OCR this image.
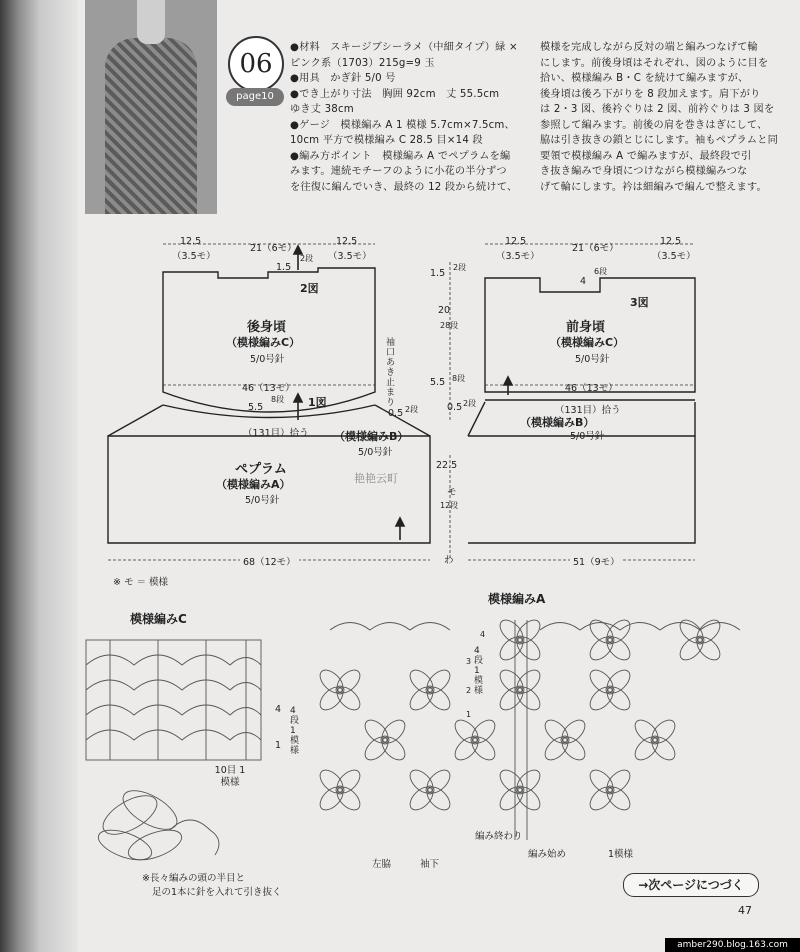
06
page10

●材料　スキージブシーラメ（中細タイプ）緑 ×

ピンク系（1703）215g=9 玉

●用具　かぎ針 5/0 号

●でき上がり寸法　胸囲 92cm　丈 55.5cm

ゆき丈 38cm

●ゲージ　模様編み A 1 模様 5.7cm×7.5cm、

10cm 平方で模様編み C 28.5 目×14 段

●編み方ポイント　模様編み A でペプラムを編

みます。連続モチーフのように小花の半分ずつ

を往復に編んでいき、最終の 12 段から続けて、

模様を完成しながら反対の端と編みつなげて輪

にします。前後身頃はそれぞれ、図のように目を

拾い、模様編み B・C を続けて編みますが、

後身頃は後ろ下がりを 8 段加えます。肩下がり

は 2・3 図、後衿ぐりは 2 図、前衿ぐりは 3 図を

参照して編みます。前後の肩を巻きはぎにして、

脇は引き抜きの鎖とじにします。袖もペプラムと同

要領で模様編み A で編みますが、最終段で引

き抜き編みで身頃につけながら模様編みつな

げて輪にします。衿は細編みで編んで整えます。

12.5
（3.5モ）
21（6モ）
12.5
（3.5モ）
1.5
2段
2図
後身頃
（模様編みC）
5/0号針
46（13モ）
5.5
8段 1図
（131目）拾う
袖口あき止まり
1.5
2段
20
28段
5.5 8段
0.5 2段	0.5 2段
22.5
モ
12段
わ
12.5
（3.5モ）
21（6モ）
12.5
（3.5モ）
4
6段
3図
前身頃
（模様編みC）
5/0号針
46（13モ）
（131目）拾う
（模様編みB）
5/0号針
ペプラム
（模様編みA）
5/0号針
（模様編みB）
5/0号針
68（12モ）	51（9モ）
艳艳云町
※ モ ＝ 模様
模様編みC
4
1
4段 1模様
10目 1模様
※長々編みの頭の半目と
足の1本に針を入れて引き抜く
模様編みA
4
3
2
1
4段 1模様
編み終わり
編み始め	1模様
左脇	袖下
→次ページにつづく
47
amber290.blog.163.com
